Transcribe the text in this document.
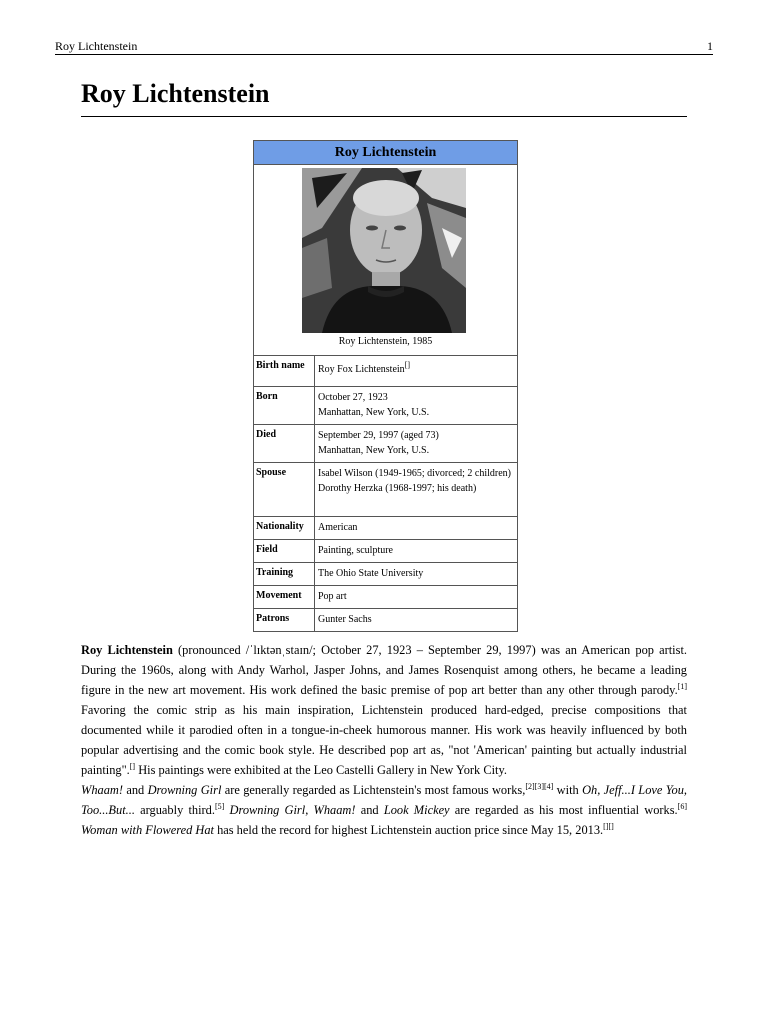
Roy Lichtenstein	1
Roy Lichtenstein
Roy Lichtenstein
Roy Lichtenstein, 1985
Birth name	Roy Fox Lichtenstein[]
Born	October 27, 1923
Manhattan, New York, U.S.
Died	September 29, 1997 (aged 73)
Manhattan, New York, U.S.
Spouse	Isabel Wilson (1949-1965; divorced; 2 children)
Dorothy Herzka (1968-1997; his death)
Nationality	American
Field	Painting, sculpture
Training	The Ohio State University
Movement	Pop art
Patrons	Gunter Sachs

Roy Lichtenstein (pronounced /ˈlɪktənˌstaɪn/; October 27, 1923 – September 29, 1997) was an American pop artist. During the 1960s, along with Andy Warhol, Jasper Johns, and James Rosenquist among others, he became a leading figure in the new art movement. His work defined the basic premise of pop art better than any other through parody.[1] Favoring the comic strip as his main inspiration, Lichtenstein produced hard-edged, precise compositions that documented while it parodied often in a tongue-in-cheek humorous manner. His work was heavily influenced by both popular advertising and the comic book style. He described pop art as, "not 'American' painting but actually industrial painting".[] His paintings were exhibited at the Leo Castelli Gallery in New York City.

Whaam! and Drowning Girl are generally regarded as Lichtenstein's most famous works,[2][3][4] with Oh, Jeff...I Love You, Too...But... arguably third.[5] Drowning Girl, Whaam! and Look Mickey are regarded as his most influential works.[6] Woman with Flowered Hat has held the record for highest Lichtenstein auction price since May 15, 2013.[][]
